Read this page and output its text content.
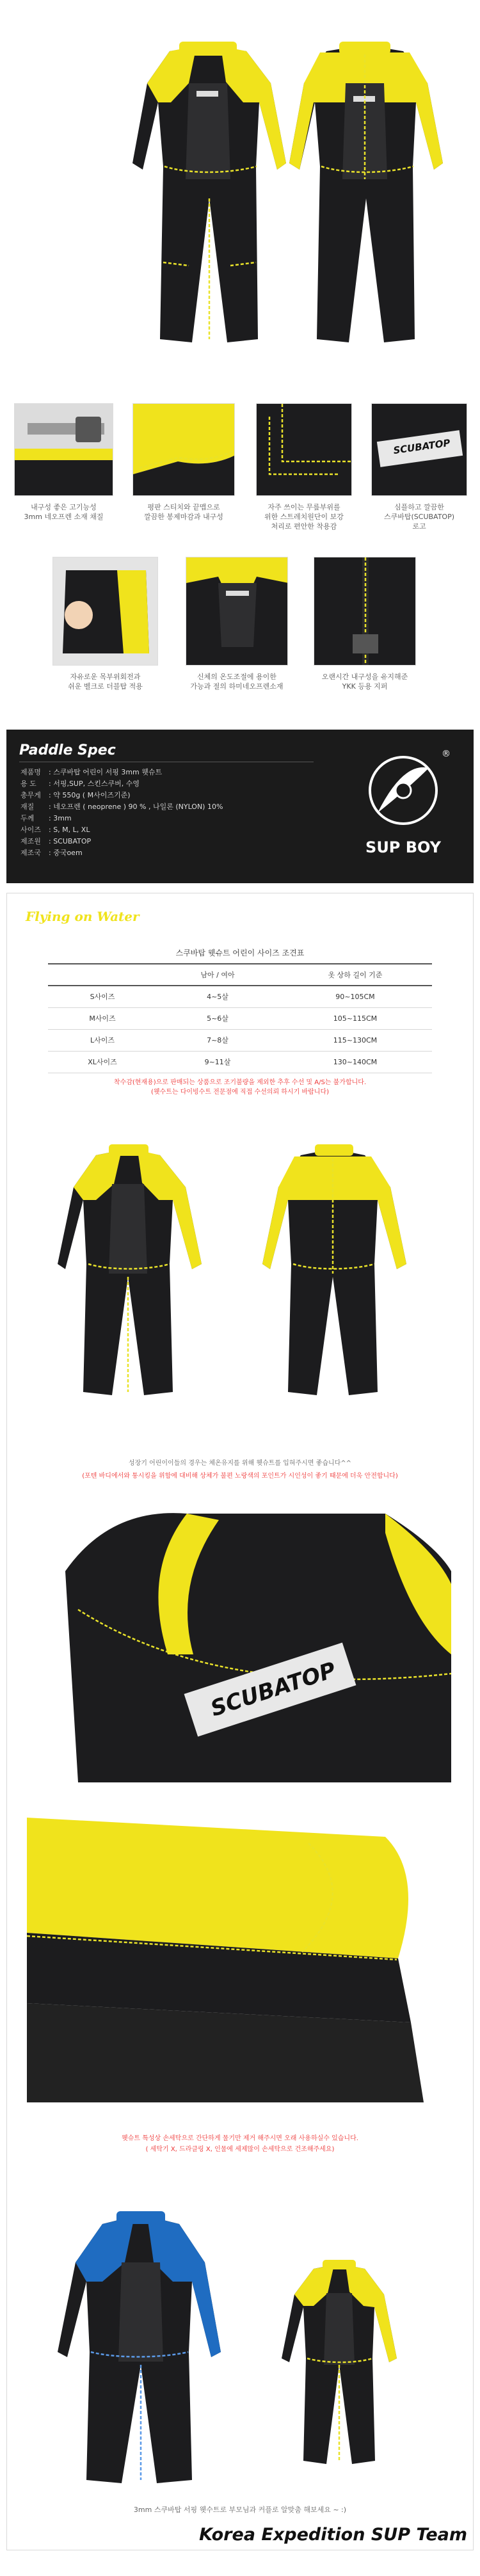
SCUBATOP
내구성 좋은 고기능성
3mm 네오프렌 소재 채질
평판 스티치와 끝맵으로
깔끔한 봉제마감과 내구성
자주 쓰이는 무릎부위를
위한 스트레치원단이 보강
처리로 편안한 착용감
심플하고 깔끔한
스쿠바탑(SCUBATOP)
로고
자유로운 목부위회전과
쉬운 벨크로 더블탑 적용
신체의 온도조절에 용이한
가능과 절의 하미네오프렌소재
오랜시간 내구성을 유지해준
YKK 등용 지퍼
Paddle Spec
제품명 : 스쿠바탑 어린이 서핑 3mm 웻슈트
용 도 : 서핑,SUP, 스킨스쿠버, 수영
총무게 : 약 550g ( M사이즈기준)
재질 : 네오프렌 ( neoprene ) 90 % , 나일론 (NYLON) 10%
두께 : 3mm
사이즈 : S, M, L, XL
제조원 : SCUBATOP
제조국 : 중국oem
®
SUP BOY
Flying on Water
스쿠바탑 웻슈트 어린이 사이즈 조견표
	남아 / 여아	옷 상하 길이 기준
S사이즈	4~5살	90~105CM
M사이즈	5~6살	105~115CM
L사이즈	7~8살	115~130CM
XL사이즈	9~11살	130~140CM
착수감(현재용)으로 판매되는 상품으로 조기불량을 제외한 추후 수선 및 A/S는 불가합니다.
(웻수트는 다이빙수트 전문점에 직접 수선의뢰 하시기 바랍니다)
성장기 어린이이들의 경우는 체온유지를 위해 웻슈트를 입혀주시면 좋습니다^^
(포텐 바디에서와 통시킹을 위함에 대비해 상체가 불편 노랑색의 포인트가 시인성이 좋기 때문에 더욱 안전합니다)
SCUBATOP
웻슈트 특성상 손세탁으로 간단하게 물기만 제거 해주시면 오래 사용하실수 있습니다.
( 세탁기 X, 드라클링 X, 인물에 세제많이 손세탁으로 건조해주세요)
3mm 스쿠바탑 서핑 웻수트로 부모님과 커플로 알맞춤 해보세요 ~ :)
Korea Expedition SUP Team
